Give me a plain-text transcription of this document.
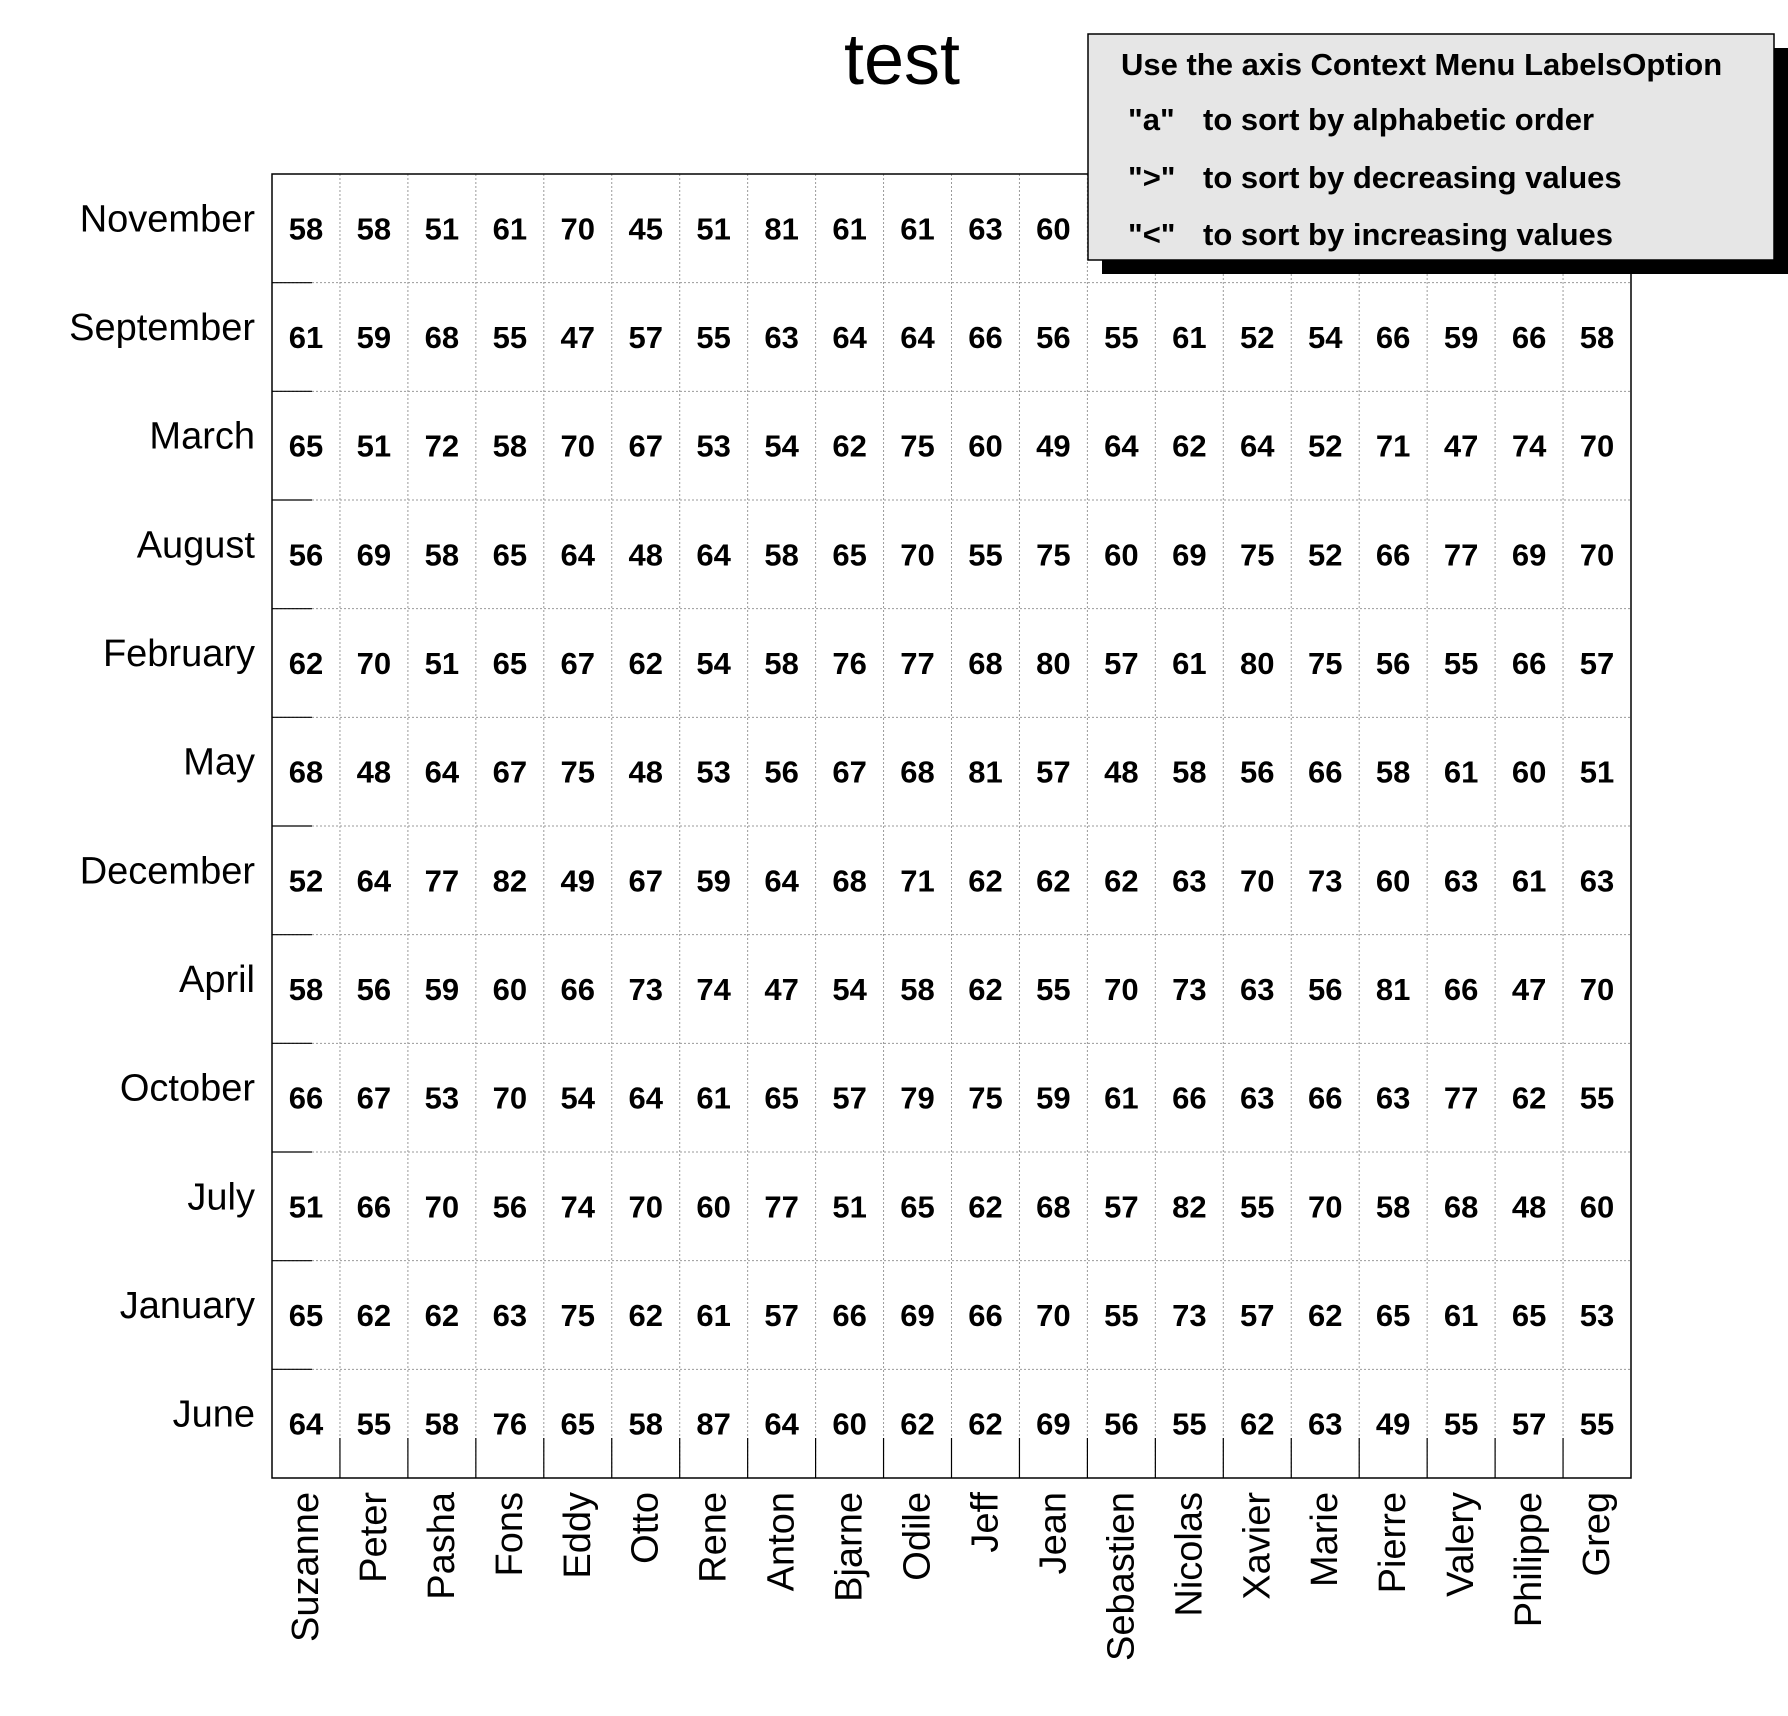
test
58 58 51 61 70 45 51 81 61 61 63 60
61 59 68 55 47 57 55 63 64 64 66 56 55 61 52 54 66 59 66 58
65 51 72 58 70 67 53 54 62 75 60 49 64 62 64 52 71 47 74 70
56 69 58 65 64 48 64 58 65 70 55 75 60 69 75 52 66 77 69 70
62 70 51 65 67 62 54 58 76 77 68 80 57 61 80 75 56 55 66 57
68 48 64 67 75 48 53 56 67 68 81 57 48 58 56 66 58 61 60 51
52 64 77 82 49 67 59 64 68 71 62 62 62 63 70 73 60 63 61 63
58 56 59 60 66 73 74 47 54 58 62 55 70 73 63 56 81 66 47 70
66 67 53 70 54 64 61 65 57 79 75 59 61 66 63 66 63 77 62 55
51 66 70 56 74 70 60 77 51 65 62 68 57 82 55 70 58 68 48 60
65 62 62 63 75 62 61 57 66 69 66 70 55 73 57 62 65 61 65 53
64 55 58 76 65 58 87 64 60 62 62 69 56 55 62 63 49 55 57 55
November
September
March
August
February
May
December
April
October
July
January
June
Suzanne Peter Pasha Fons Eddy Otto Rene Anton Bjarne Odile Jeff Jean Sebastien Nicolas Xavier Marie Pierre Valery Philippe Greg
Use the axis Context Menu LabelsOption
"a" to sort by alphabetic order
">" to sort by decreasing values
"<" to sort by increasing values
